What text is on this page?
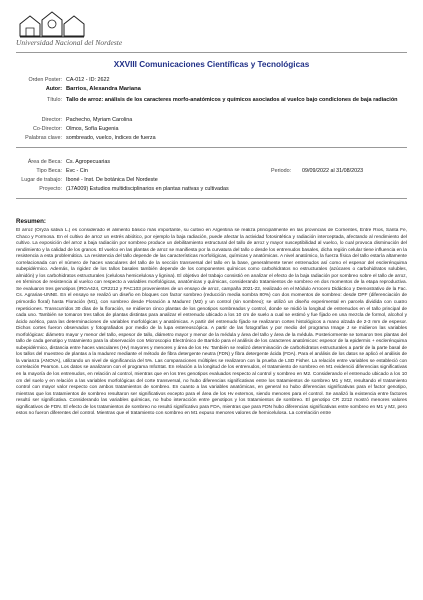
Universidad Nacional del Nordeste
XXVIII Comunicaciones Científicas y Tecnológicas
Orden Poster: CA-012 - ID: 2622
Autor: Barrios, Alexandra Mariana
Título: Tallo de arroz: análisis de los caracteres morfo-anatómicos y químicos asociados al vuelco bajo condiciones de baja radiación
Director: Pachecho, Myriam Carolina
Co-Director: Olmos, Sofía Eugenia
Palabras clave: sombreado, vuelco, índices de fuerza
Área de Beca: Cs. Agropecuarias
Tipo Beca: Evc - Cin	Periodo: 09/09/2022 al 31/08/2023
Lugar de trabajo: Iboné - Inst. De botánica Del Nordeste
Proyecto: (17A009) Estudios multidisciplinarios en plantas nativas y cultivadas
Resumen:
El arroz (Oryza sativa L.) es considerado el alimento básico más importante, su cultivo en Argentina se realiza principalmente en las provincias de Corrientes, Entre Ríos, Santa Fe, Chaco y Formosa. En el cultivo de arroz un estrés abiótico, por ejemplo la baja radiación, puede afectar la actividad fotosintética y radiación interceptada, afectando al rendimiento del cultivo. La exposición del arroz a baja radiación por sombreo produce un debilitamiento estructural del tallo de arroz y mayor susceptibilidad al vuelco, lo cual provoca disminución del rendimiento y la calidad de los granos. El vuelco en las plantas de arroz se manifiesta por la curvatura del tallo o desde los entrenudos basales, dicha región celular tiene influencia en la resistencia a esta problemática. La resistencia del tallo depende de las características morfológicas, químicas y anatómicas. A nivel anatómico, la fuerza física del tallo estaría altamente correlacionada con el número de haces vasculares del tallo de la sección transversal del tallo en la base, generalmente tener entrenudos así como el espesor del esclerénquima subepidérmico. Además, la rigidez de los tallos basales también depende de los componentes químicos como carbohidratos no estructurales (azúcares o carbohidratos solubles, almidón) y los carbohidratos estructurales (celulosa hemicelulosa y lignina). El objetivo del trabajo consistió en analizar el efecto de la baja radiación por sombreo sobre el tallo de arroz, en términos de resistencia al vuelco con respecto a variables morfológicas, anatómicas y químicas, considerando tratamientos de sombreo en dos momentos de la etapa reproductiva. Se evaluaron tres genotipos (IRGA424, CR2212 y PAC103 provenientes de un ensayo de arroz, campaña 2021-22, realizado en el Módulo Arrocero Didáctico y Demostrativo de la Fac. Cs. Agrarias-UNNE. En el ensayo se realizó un diseño en bloques con factor sombreo (reducción media sombra 80%) con dos momentos de sombreo: desde DPF (diferenciación de primordio floral) hasta Floración (M1), con sombreo desde Floración a Madurez (M2) y un control (sin sombreo); se utilizó un diseño experimental en parcela dividida con cuatro repeticiones. Transcurridos 30 días de la floración, se midieron cinco plantas de los genotipos sombreados y control, donde se midió la longitud de entrenudos en el tallo principal de cada uno. También se tomaron tres tallos de plantas distintas para analizar el entrenudo ubicado a los 10 cm de suelo a cual se estimó y fue fijado en una mezcla de formol, alcohol y ácido acético, para las determinaciones de variables morfológicas y anatómicas. A partir del entrenudo fijado se realizaron cortes histológicos a mano alzada de 2-3 mm de espesor. Dichos cortes fueron observados y fotografiados por medio de la lupa estereoscópica. A partir de las fotografías y por medio del programa Image J se midieron las variables morfológicas: diámetro mayor y menor del tallo, espesor de tallo, diámetro mayor y menor de la médula y área del tallo y área de la médula. Posteriormente se tomaron tres plantas del tallo de cada genotipo y tratamiento para la observación con Microscopio Electrónico de Barrido para el análisis de los caracteres anatómicos: espesor de la epidermis + esclerénquima subepidérmico, distancia entre haces vasculares (Hv) mayores y menores y área de los Hv. También se realizó determinación de carbohidratos estructurales a partir de la parte basal de los tallos del muestreo de plantas a la madurez mediante el método de fibra detergente neutra (FDN) y fibra detergente ácida (FDA). Para el análisis de los datos se aplicó el análisis de la varianza (ANOVA), utilizando un nivel de significancia del 5%. Las comparaciones múltiples se realizaron con la prueba de LSD Fisher. La relación entre variables se estableció con correlación Pearson. Los datos se analizaron con el programa InfoStat. En relación a la longitud de los entrenudos, el tratamiento de sombreo en M1 evidenció diferencias significativas en la mayoría de los entrenudos, en relación al control, mientras que en los tres genotipos evaluados respecto al control y sombreo en M2. Considerando el entrenudo ubicado a los 10 cm del suelo y en relación a las variables morfológicas del corte transversal, no hubo diferencias significativas entre los tratamientos de sombreo M1 y M2, resultando el tratamiento control con mayor valor respecto con ambos tratamientos de sombreo. En cuanto a las variables anatómicas, en general no hubo diferencias significativas para el factor genotipo, mientras que los tratamientos de sombreo resultaron ser significativos excepto para el área de los Hv externos, siendo menores para el control. Se analizó la existencia entre factores resultó ser significativa. Considerando las variables químicas, no hubo interacción entre genotipos y los tratamientos de sombreo. El genotipo CR 2212 mostró menores valores significativos de FDN. El efecto de los tratamientos de sombreo no resultó significativo para FDA, mientras que para FDN hubo diferencias significativas entre sombreo en M1 y M2, pero estos no fueron diferentes del control. Mientras que el tratamiento con sombreo en M1 expuso menores valores de hemicelulosa. La correlación entre
